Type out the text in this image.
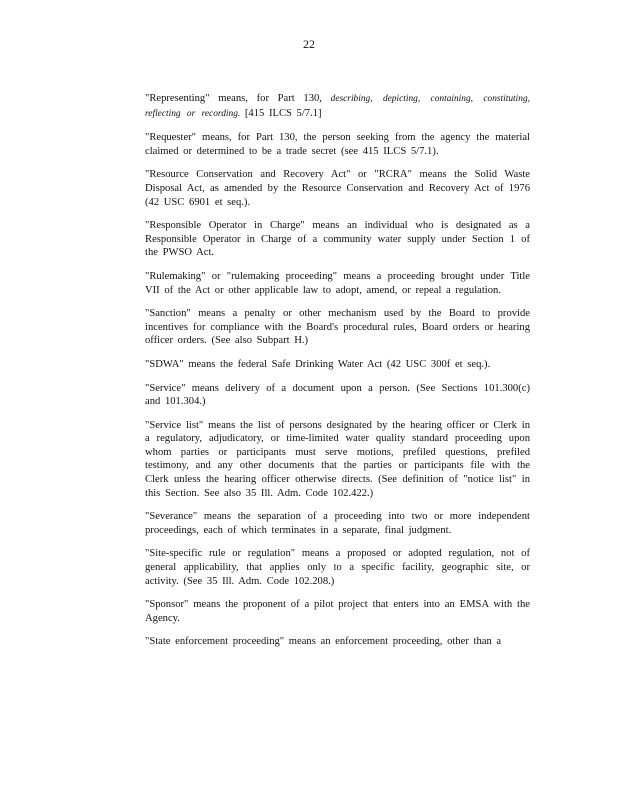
22

"Representing" means, for Part 130, describing, depicting, containing, constituting, reflecting or recording. [415 ILCS 5/7.1]

"Requester" means, for Part 130, the person seeking from the agency the material claimed or determined to be a trade secret (see 415 ILCS 5/7.1).

"Resource Conservation and Recovery Act" or "RCRA" means the Solid Waste Disposal Act, as amended by the Resource Conservation and Recovery Act of 1976 (42 USC 6901 et seq.).

"Responsible Operator in Charge" means an individual who is designated as a Responsible Operator in Charge of a community water supply under Section 1 of the PWSO Act.

"Rulemaking" or "rulemaking proceeding" means a proceeding brought under Title VII of the Act or other applicable law to adopt, amend, or repeal a regulation.

"Sanction" means a penalty or other mechanism used by the Board to provide incentives for compliance with the Board's procedural rules, Board orders or hearing officer orders. (See also Subpart H.)

"SDWA" means the federal Safe Drinking Water Act (42 USC 300f et seq.).

"Service" means delivery of a document upon a person. (See Sections 101.300(c) and 101.304.)

"Service list" means the list of persons designated by the hearing officer or Clerk in a regulatory, adjudicatory, or time-limited water quality standard proceeding upon whom parties or participants must serve motions, prefiled questions, prefiled testimony, and any other documents that the parties or participants file with the Clerk unless the hearing officer otherwise directs. (See definition of "notice list" in this Section. See also 35 Ill. Adm. Code 102.422.)

"Severance" means the separation of a proceeding into two or more independent proceedings, each of which terminates in a separate, final judgment.

"Site-specific rule or regulation" means a proposed or adopted regulation, not of general applicability, that applies only to a specific facility, geographic site, or activity. (See 35 Ill. Adm. Code 102.208.)

"Sponsor" means the proponent of a pilot project that enters into an EMSA with the Agency.

"State enforcement proceeding" means an enforcement proceeding, other than a
